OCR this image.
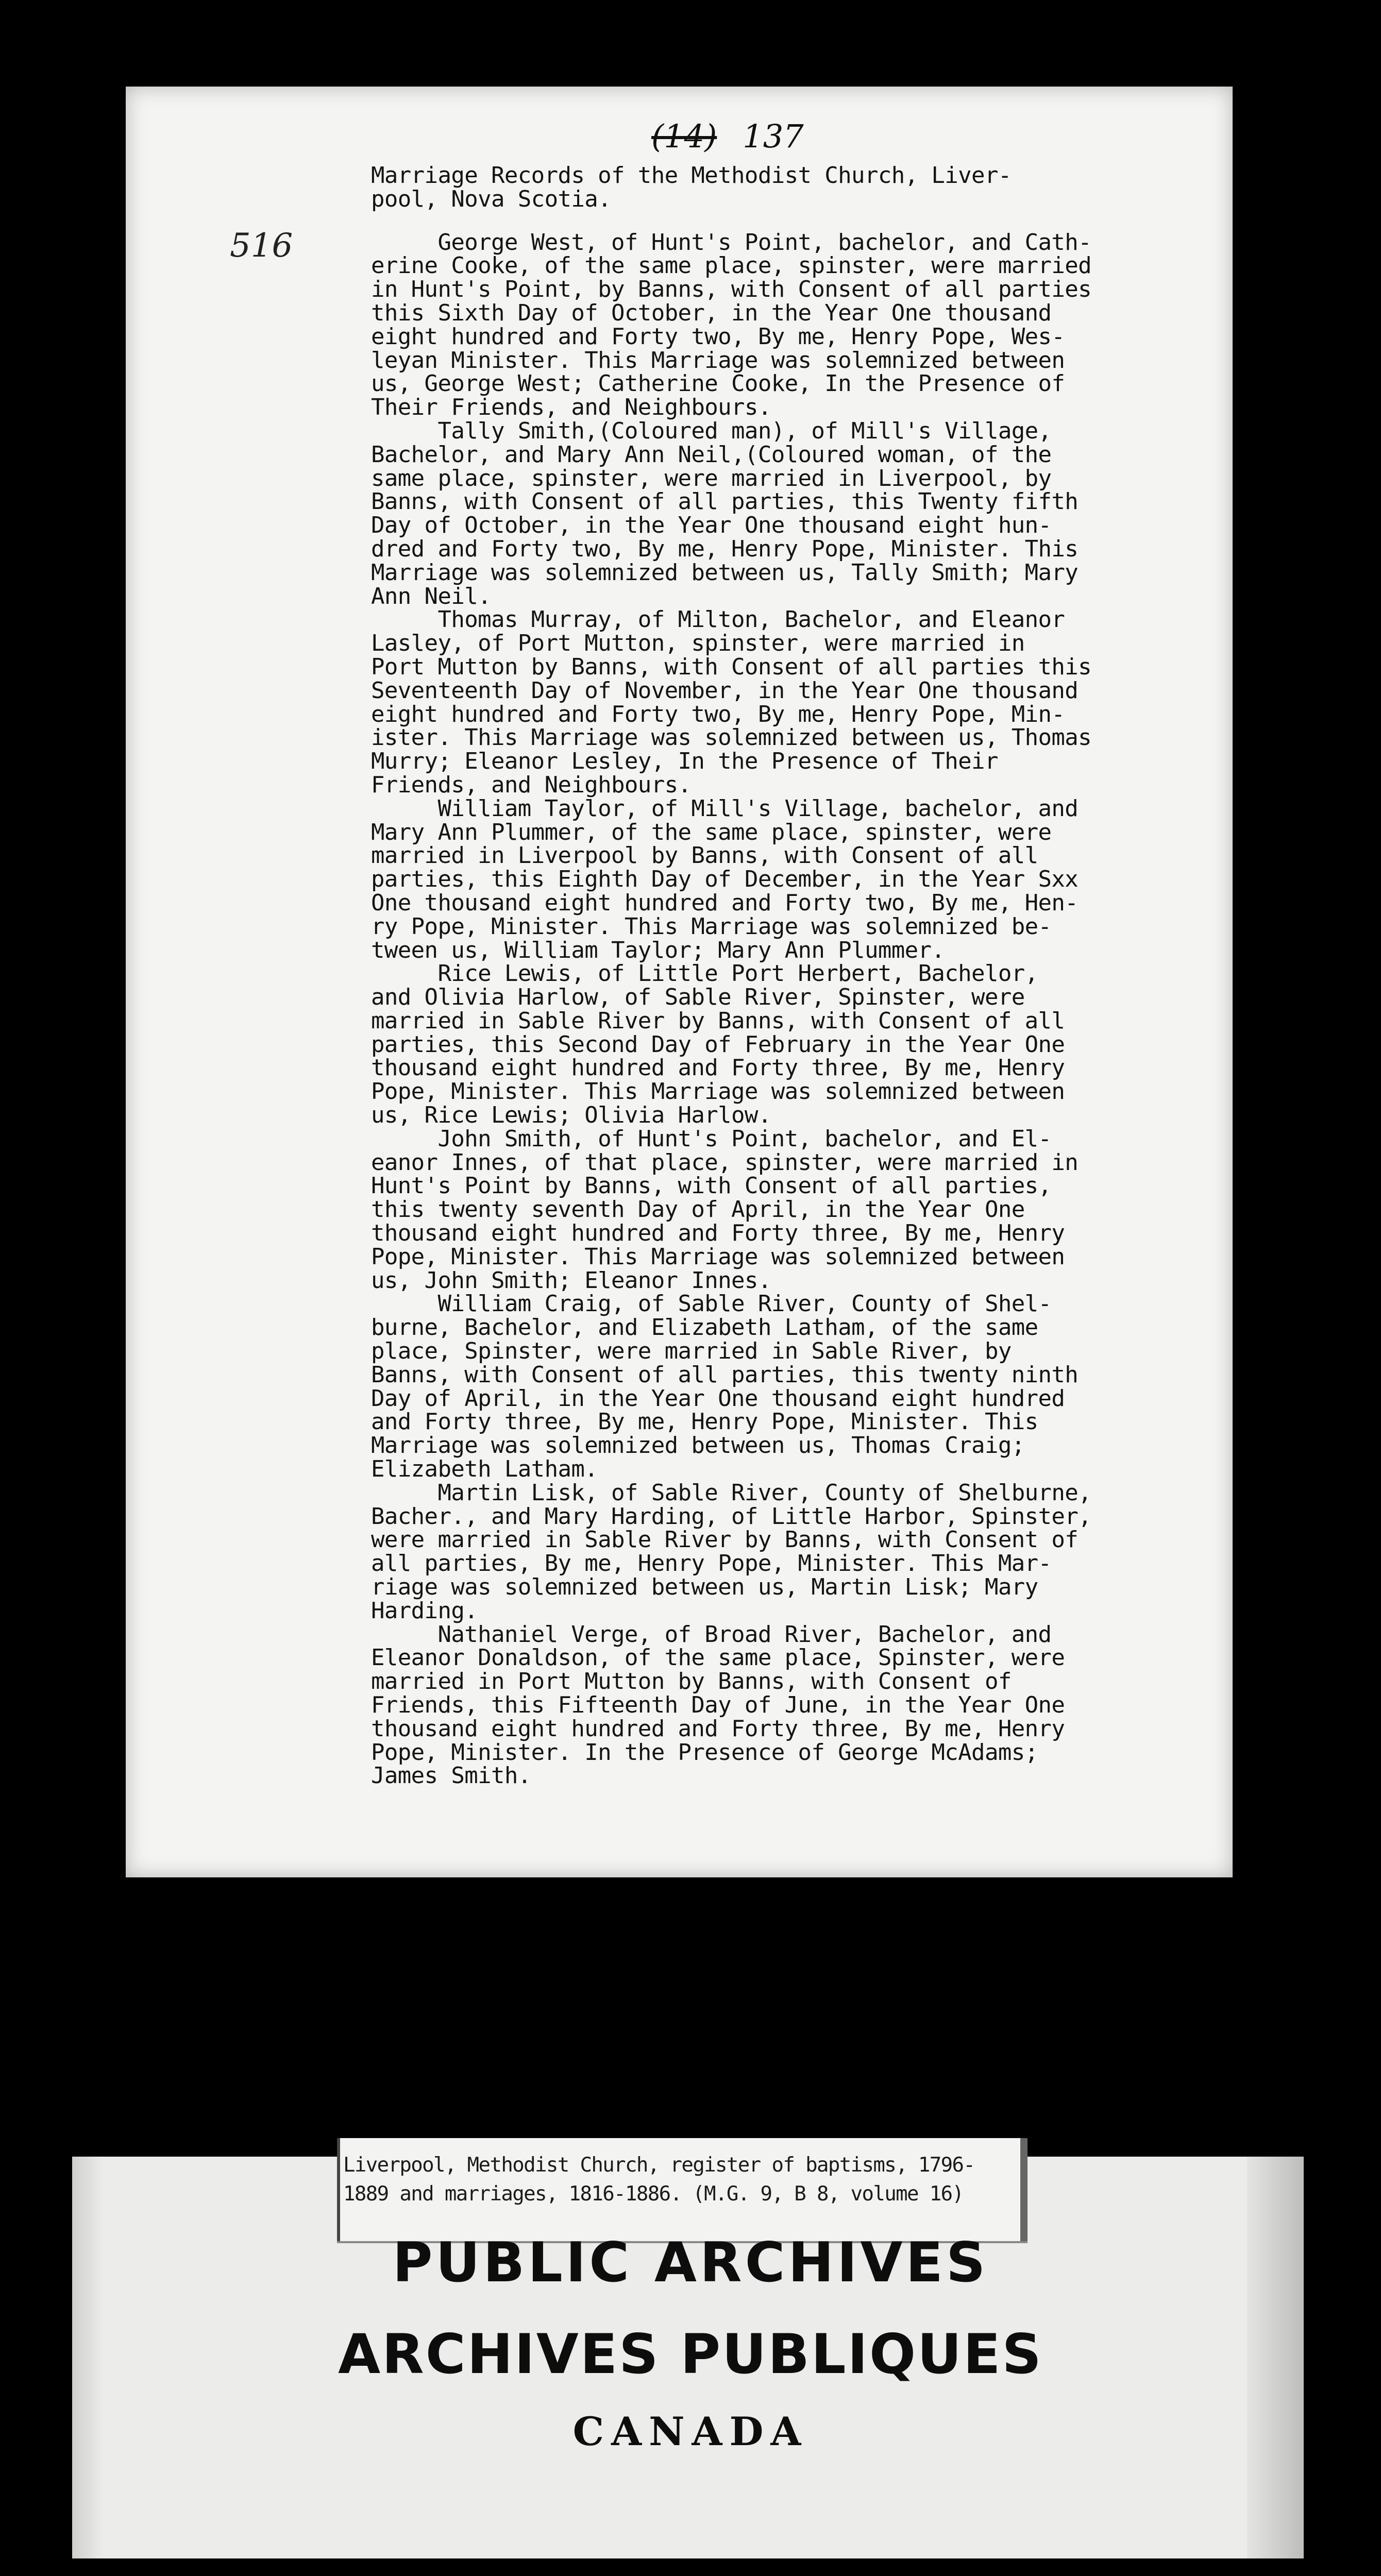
(14) 137
516
Marriage Records of the Methodist Church, Liver-
pool, Nova Scotia.
George West, of Hunt's Point, bachelor, and Cath-
erine Cooke, of the same place, spinster, were married
in Hunt's Point, by Banns, with Consent of all parties
this Sixth Day of October, in the Year One thousand
eight hundred and Forty two, By me, Henry Pope, Wes-
leyan Minister. This Marriage was solemnized between
us, George West; Catherine Cooke, In the Presence of
Their Friends, and Neighbours.
Tally Smith,(Coloured man), of Mill's Village,
Bachelor, and Mary Ann Neil,(Coloured woman, of the
same place, spinster, were married in Liverpool, by
Banns, with Consent of all parties, this Twenty fifth
Day of October, in the Year One thousand eight hun-
dred and Forty two, By me, Henry Pope, Minister. This
Marriage was solemnized between us, Tally Smith; Mary
Ann Neil.
Thomas Murray, of Milton, Bachelor, and Eleanor
Lasley, of Port Mutton, spinster, were married in
Port Mutton by Banns, with Consent of all parties this
Seventeenth Day of November, in the Year One thousand
eight hundred and Forty two, By me, Henry Pope, Min-
ister. This Marriage was solemnized between us, Thomas
Murry; Eleanor Lesley, In the Presence of Their
Friends, and Neighbours.
William Taylor, of Mill's Village, bachelor, and
Mary Ann Plummer, of the same place, spinster, were
married in Liverpool by Banns, with Consent of all
parties, this Eighth Day of December, in the Year Sxx
One thousand eight hundred and Forty two, By me, Hen-
ry Pope, Minister. This Marriage was solemnized be-
tween us, William Taylor; Mary Ann Plummer.
Rice Lewis, of Little Port Herbert, Bachelor,
and Olivia Harlow, of Sable River, Spinster, were
married in Sable River by Banns, with Consent of all
parties, this Second Day of February in the Year One
thousand eight hundred and Forty three, By me, Henry
Pope, Minister. This Marriage was solemnized between
us, Rice Lewis; Olivia Harlow.
John Smith, of Hunt's Point, bachelor, and El-
eanor Innes, of that place, spinster, were married in
Hunt's Point by Banns, with Consent of all parties,
this twenty seventh Day of April, in the Year One
thousand eight hundred and Forty three, By me, Henry
Pope, Minister. This Marriage was solemnized between
us, John Smith; Eleanor Innes.
William Craig, of Sable River, County of Shel-
burne, Bachelor, and Elizabeth Latham, of the same
place, Spinster, were married in Sable River, by
Banns, with Consent of all parties, this twenty ninth
Day of April, in the Year One thousand eight hundred
and Forty three, By me, Henry Pope, Minister. This
Marriage was solemnized between us, Thomas Craig;
Elizabeth Latham.
Martin Lisk, of Sable River, County of Shelburne,
Bacher., and Mary Harding, of Little Harbor, Spinster,
were married in Sable River by Banns, with Consent of
all parties, By me, Henry Pope, Minister. This Mar-
riage was solemnized between us, Martin Lisk; Mary
Harding.
Nathaniel Verge, of Broad River, Bachelor, and
Eleanor Donaldson, of the same place, Spinster, were
married in Port Mutton by Banns, with Consent of
Friends, this Fifteenth Day of June, in the Year One
thousand eight hundred and Forty three, By me, Henry
Pope, Minister. In the Presence of George McAdams;
James Smith.
Liverpool, Methodist Church, register of baptisms, 1796-
1889 and marriages, 1816-1886. (M.G. 9, B 8, volume 16)
PUBLIC ARCHIVES
ARCHIVES PUBLIQUES
CANADA
